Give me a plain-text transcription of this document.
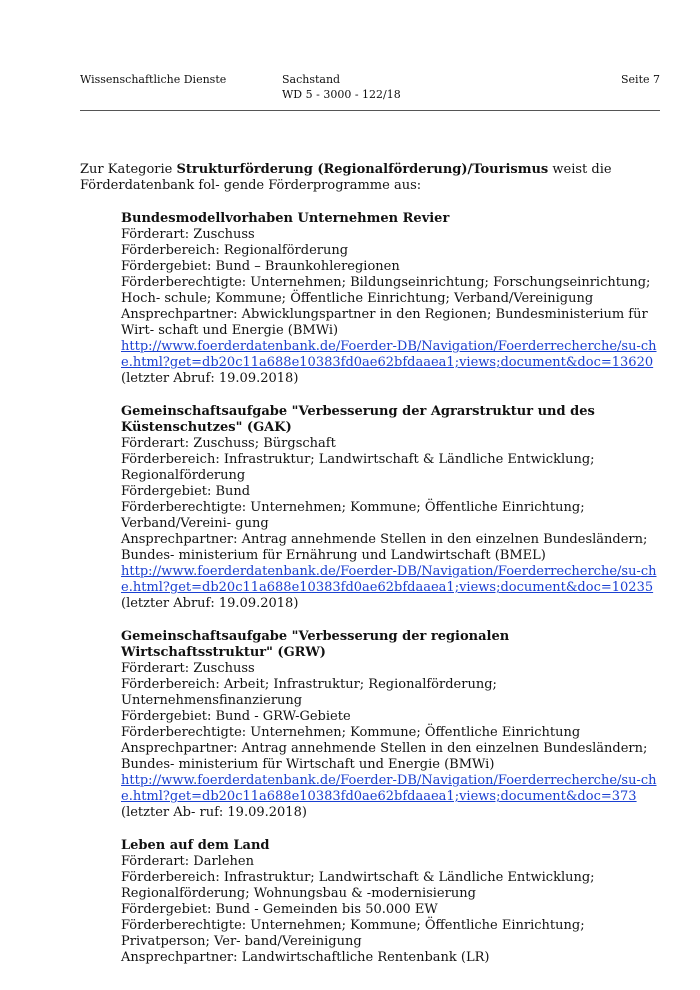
Wissenschaftliche Dienste	Sachstand
WD 5 - 3000 - 122/18
Seite 7

Zur Kategorie Strukturförderung (Regionalförderung)/Tourismus weist die Förderdatenbank fol- gende Förderprogramme aus:

Bundesmodellvorhaben Unternehmen Revier
Förderart: Zuschuss
Förderbereich: Regionalförderung
Fördergebiet: Bund – Braunkohleregionen
Förderberechtigte: Unternehmen; Bildungseinrichtung; Forschungseinrichtung; Hoch- schule; Kommune; Öffentliche Einrichtung; Verband/Vereinigung
Ansprechpartner: Abwicklungspartner in den Regionen; Bundesministerium für Wirt- schaft und Energie (BMWi)
http://www.foerderdatenbank.de/Foerder-DB/Navigation/Foerderrecherche/su-che.html?get=db20c11a688e10383fd0ae62bfdaaea1;views;document&doc=13620 (letzter Abruf: 19.09.2018)
Gemeinschaftsaufgabe "Verbesserung der Agrarstruktur und des Küstenschutzes" (GAK)
Förderart: Zuschuss; Bürgschaft
Förderbereich: Infrastruktur; Landwirtschaft & Ländliche Entwicklung; Regionalförderung
Fördergebiet: Bund
Förderberechtigte: Unternehmen; Kommune; Öffentliche Einrichtung; Verband/Vereini- gung
Ansprechpartner: Antrag annehmende Stellen in den einzelnen Bundesländern; Bundes- ministerium für Ernährung und Landwirtschaft (BMEL)
http://www.foerderdatenbank.de/Foerder-DB/Navigation/Foerderrecherche/su-che.html?get=db20c11a688e10383fd0ae62bfdaaea1;views;document&doc=10235 (letzter Abruf: 19.09.2018)
Gemeinschaftsaufgabe "Verbesserung der regionalen Wirtschaftsstruktur" (GRW)
Förderart: Zuschuss
Förderbereich: Arbeit; Infrastruktur; Regionalförderung; Unternehmensfinanzierung
Fördergebiet: Bund - GRW-Gebiete
Förderberechtigte: Unternehmen; Kommune; Öffentliche Einrichtung
Ansprechpartner: Antrag annehmende Stellen in den einzelnen Bundesländern; Bundes- ministerium für Wirtschaft und Energie (BMWi)
http://www.foerderdatenbank.de/Foerder-DB/Navigation/Foerderrecherche/su-che.html?get=db20c11a688e10383fd0ae62bfdaaea1;views;document&doc=373 (letzter Ab- ruf: 19.09.2018)
Leben auf dem Land
Förderart: Darlehen
Förderbereich: Infrastruktur; Landwirtschaft & Ländliche Entwicklung; Regionalförderung; Wohnungsbau & -modernisierung
Fördergebiet: Bund - Gemeinden bis 50.000 EW
Förderberechtigte: Unternehmen; Kommune; Öffentliche Einrichtung; Privatperson; Ver- band/Vereinigung
Ansprechpartner: Landwirtschaftliche Rentenbank (LR)
